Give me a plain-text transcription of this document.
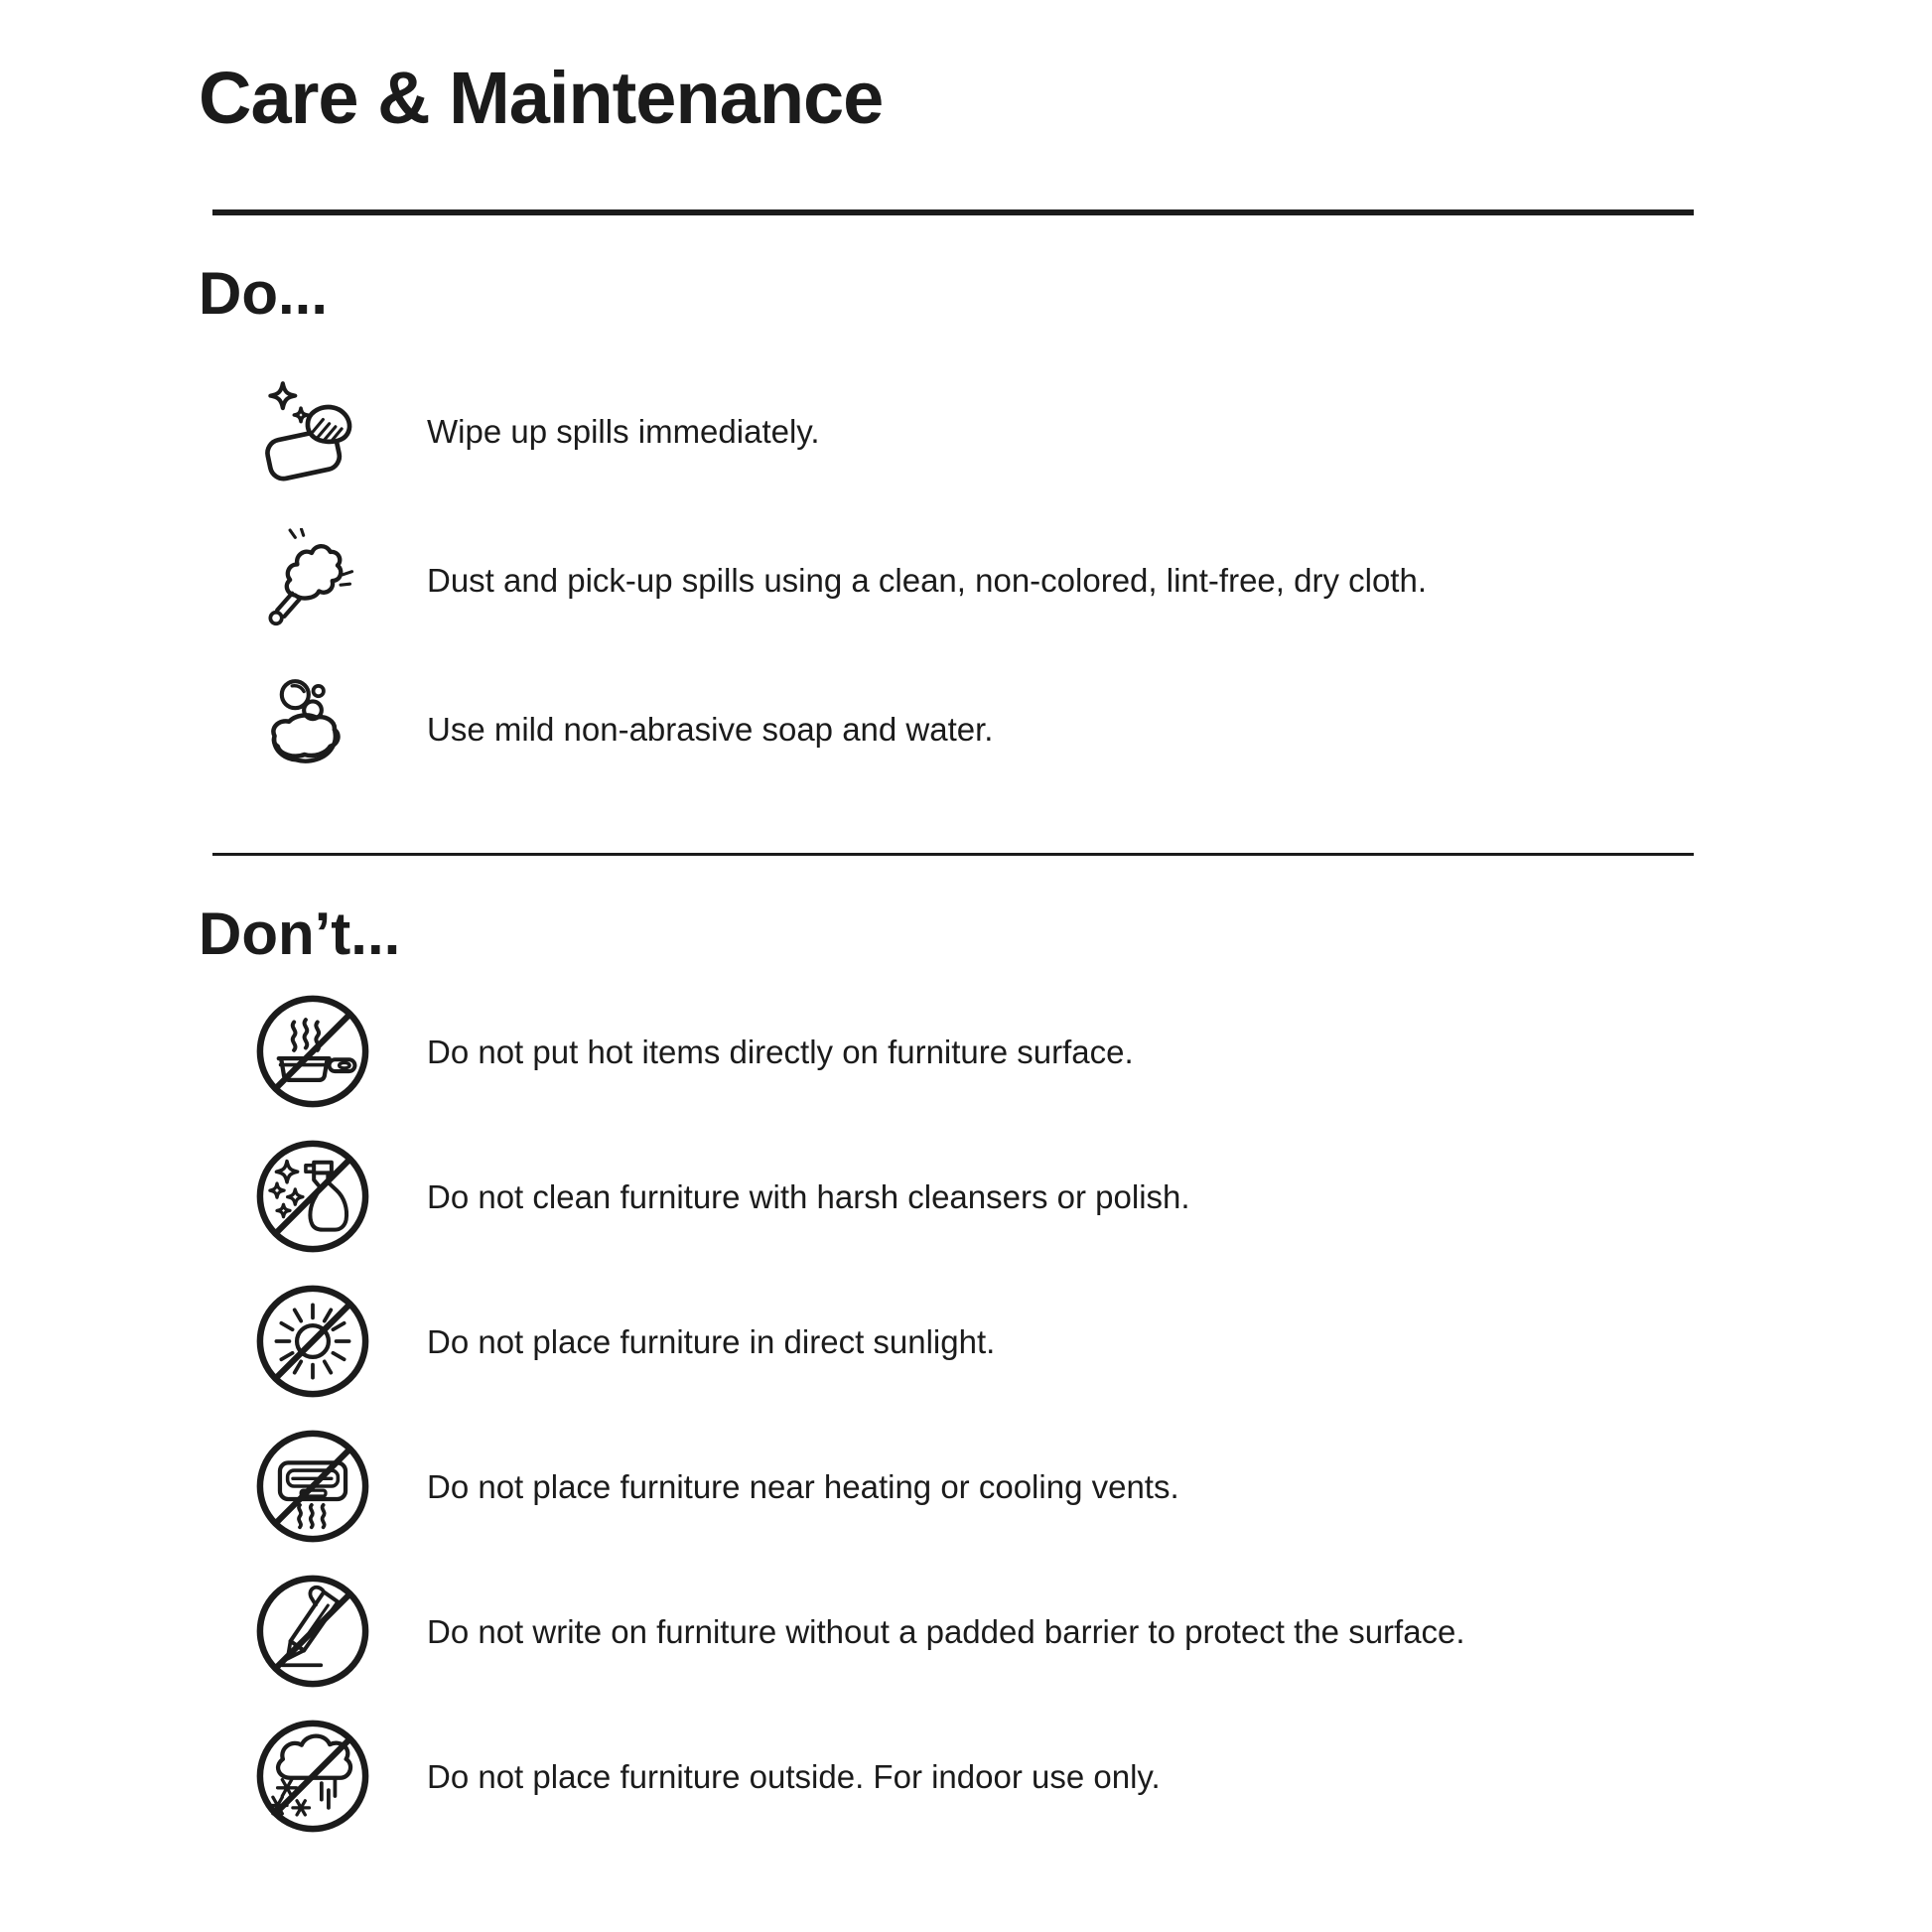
Care & Maintenance
Do...

Wipe up spills immediately.

Dust and pick-up spills using a clean, non-colored, lint-free, dry cloth.

Use mild non-abrasive soap and water.

Don’t...

Do not put hot items directly on furniture surface.

Do not clean furniture with harsh cleansers or polish.

Do not place furniture in direct sunlight.

Do not place furniture near heating or cooling vents.

Do not write on furniture without a padded barrier to protect the surface.

Do not place furniture outside. For indoor use only.
